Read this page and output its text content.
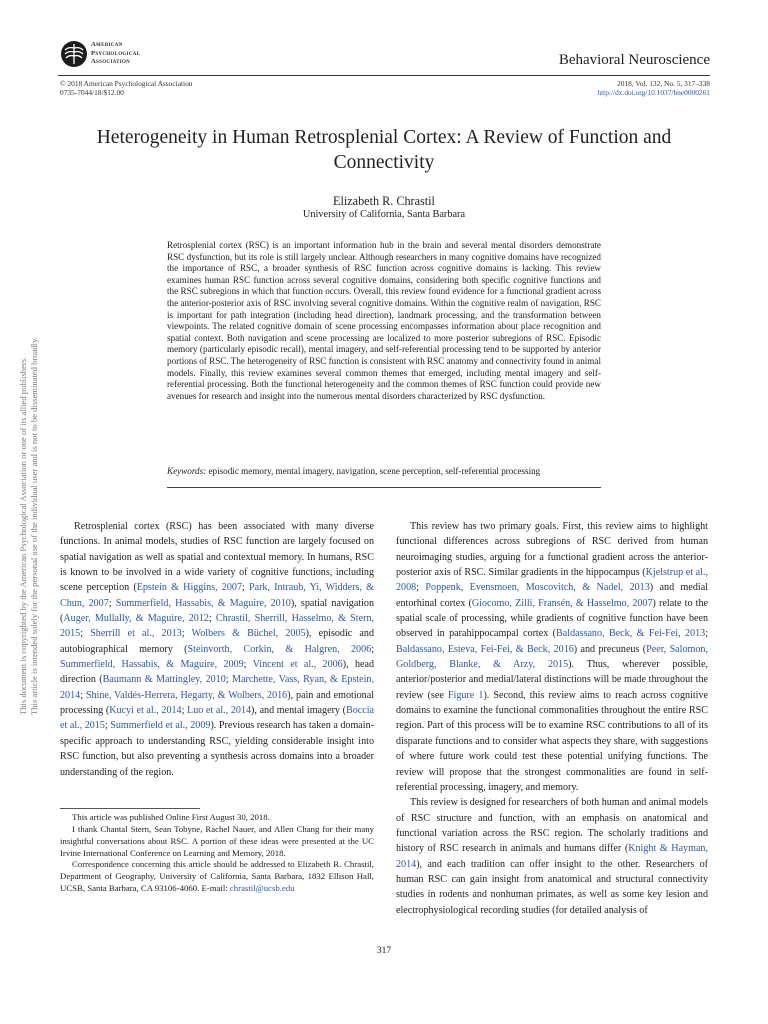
American
Psychological
Association	Behavioral Neuroscience
© 2018 American Psychological Association
0735-7044/18/$12.00
2018, Vol. 132, No. 5, 317–338
http://dx.doi.org/10.1037/bne0000261
Heterogeneity in Human Retrosplenial Cortex: A Review of Function and Connectivity
Elizabeth R. Chrastil
University of California, Santa Barbara
Retrosplenial cortex (RSC) is an important information hub in the brain and several mental disorders demonstrate RSC dysfunction, but its role is still largely unclear. Although researchers in many cognitive domains have recognized the importance of RSC, a broader synthesis of RSC function across cognitive domains is lacking. This review examines human RSC function across several cognitive domains, considering both specific cognitive functions and the RSC subregions in which that function occurs. Overall, this review found evidence for a functional gradient across the anterior-posterior axis of RSC involving several cognitive domains. Within the cognitive realm of navigation, RSC is important for path integration (including head direction), landmark processing, and the transformation between viewpoints. The related cognitive domain of scene processing encompasses information about place recognition and spatial context. Both navigation and scene processing are localized to more posterior subregions of RSC. Episodic memory (particularly episodic recall), mental imagery, and self-referential processing tend to be supported by anterior portions of RSC. The heterogeneity of RSC function is consistent with RSC anatomy and connectivity found in animal models. Finally, this review examines several common themes that emerged, including mental imagery and self-referential processing. Both the functional heterogeneity and the common themes of RSC function could provide new avenues for research and insight into the numerous mental disorders characterized by RSC dysfunction.
Keywords: episodic memory, mental imagery, navigation, scene perception, self-referential processing

Retrosplenial cortex (RSC) has been associated with many diverse functions. In animal models, studies of RSC function are largely focused on spatial navigation as well as spatial and contextual memory. In humans, RSC is known to be involved in a wide variety of cognitive functions, including scene perception (Epstein & Higgins, 2007; Park, Intraub, Yi, Widders, & Chun, 2007; Summerfield, Hassabis, & Maguire, 2010), spatial navigation (Auger, Mullally, & Maguire, 2012; Chrastil, Sherrill, Hasselmo, & Stern, 2015; Sherrill et al., 2013; Wolbers & Büchel, 2005), episodic and autobiographical memory (Steinvorth, Corkin, & Halgren, 2006; Summerfield, Hassabis, & Maguire, 2009; Vincent et al., 2006), head direction (Baumann & Mattingley, 2010; Marchette, Vass, Ryan, & Epstein, 2014; Shine, Valdés-Herrera, Hegarty, & Wolbers, 2016), pain and emotional processing (Kucyi et al., 2014; Luo et al., 2014), and mental imagery (Boccia et al., 2015; Summerfield et al., 2009). Previous research has taken a domain-specific approach to understanding RSC, yielding considerable insight into RSC function, but also preventing a synthesis across domains into a broader understanding of the region.

This review has two primary goals. First, this review aims to highlight functional differences across subregions of RSC derived from human neuroimaging studies, arguing for a functional gradient across the anterior-posterior axis of RSC. Similar gradients in the hippocampus (Kjelstrup et al., 2008; Poppenk, Evensmoen, Moscovitch, & Nadel, 2013) and medial entorhinal cortex (Giocomo, Zilli, Fransén, & Hasselmo, 2007) relate to the spatial scale of processing, while gradients of cognitive function have been observed in parahippocampal cortex (Baldassano, Beck, & Fei-Fei, 2013; Baldassano, Esteva, Fei-Fei, & Beck, 2016) and precuneus (Peer, Salomon, Goldberg, Blanke, & Arzy, 2015). Thus, wherever possible, anterior/posterior and medial/lateral distinctions will be made throughout the review (see Figure 1). Second, this review aims to reach across cognitive domains to examine the functional commonalities throughout the entire RSC region. Part of this process will be to examine RSC contributions to all of its disparate functions and to consider what aspects they share, with suggestions of where future work could test these potential unifying functions. The review will propose that the strongest commonalities are found in self-referential processing, imagery, and memory.

This review is designed for researchers of both human and animal models of RSC structure and function, with an emphasis on anatomical and functional variation across the RSC region. The scholarly traditions and history of RSC research in animals and humans differ (Knight & Hayman, 2014), and each tradition can offer insight to the other. Researchers of human RSC can gain insight from anatomical and structural connectivity studies in rodents and nonhuman primates, as well as some key lesion and electrophysiological recording studies (for detailed analysis of

This article was published Online First August 30, 2018.

I thank Chantal Stern, Sean Tobyne, Rachel Nauer, and Allen Chang for their many insightful conversations about RSC. A portion of these ideas were presented at the UC Irvine International Conference on Learning and Memory, 2018.

Correspondence concerning this article should be addressed to Elizabeth R. Chrastil, Department of Geography, University of California, Santa Barbara, 1832 Ellison Hall, UCSB, Santa Barbara, CA 93106-4060. E-mail: chrastil@ucsb.edu

317
This document is copyrighted by the American Psychological Association or one of its allied publishers. This article is intended solely for the personal use of the individual user and is not to be disseminated broadly.
